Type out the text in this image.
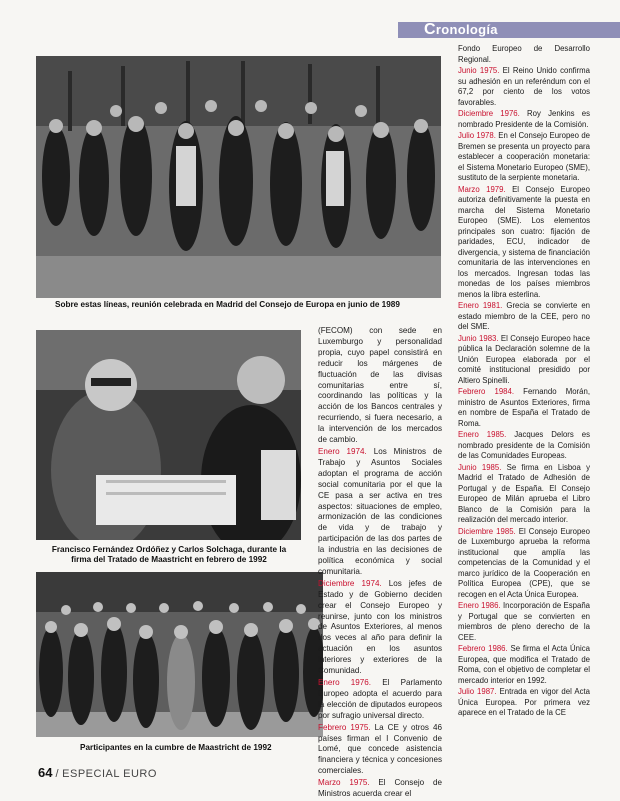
Cronología
Sobre estas líneas, reunión celebrada en Madrid del Consejo de Europa en junio de 1989
Francisco Fernández Ordóñez y Carlos Solchaga, durante la
firma del Tratado de Maastricht en febrero de 1992
Participantes en la cumbre de Maastricht de 1992

(FECOM) con sede en Luxemburgo y personalidad propia, cuyo papel consistirá en reducir los márgenes de fluctuación de las divisas comunitarias entre sí, coordinando las políticas y la acción de los Bancos centrales y recurriendo, si fuera necesario, a la intervención de los mercados de cambio.

Enero 1974. Los Ministros de Trabajo y Asuntos Sociales adoptan el programa de acción social comunitaria por el que la CE pasa a ser activa en tres aspectos: situaciones de empleo, armonización de las condiciones de vida y de trabajo y participación de las dos partes de la industria en las decisiones de política económica y social comunitaria.

Diciembre 1974. Los jefes de Estado y de Gobierno deciden crear el Consejo Europeo y reunirse, junto con los ministros de Asuntos Exteriores, al menos dos veces al año para definir la actuación en los asuntos interiores y exteriores de la Comunidad.

Enero 1976. El Parlamento Europeo adopta el acuerdo para la elección de diputados europeos por sufragio universal directo.

Febrero 1975. La CE y otros 46 países firman el I Convenio de Lomé, que concede asistencia financiera y técnica y concesiones comerciales.

Marzo 1975. El Consejo de Ministros acuerda crear el

Fondo Europeo de Desarrollo Regional.

Junio 1975. El Reino Unido confirma su adhesión en un referéndum con el 67,2 por ciento de los votos favorables.

Diciembre 1976. Roy Jenkins es nombrado Presidente de la Comisión.

Julio 1978. En el Consejo Europeo de Bremen se presenta un proyecto para establecer a cooperación monetaria: el Sistema Monetario Europeo (SME), sustituto de la serpiente monetaria.

Marzo 1979. El Consejo Europeo autoriza definitivamente la puesta en marcha del Sistema Monetario Europeo (SME). Los elementos principales son cuatro: fijación de paridades, ECU, indicador de divergencia, y sistema de financiación comunitaria de las intervenciones en los mercados. Ingresan todas las monedas de los países miembros menos la libra esterlina.

Enero 1981. Grecia se convierte en estado miembro de la CEE, pero no del SME.

Junio 1983. El Consejo Europeo hace pública la Declaración solemne de la Unión Europea elaborada por el comité institucional presidido por Altiero Spinelli.

Febrero 1984. Fernando Morán, ministro de Asuntos Exteriores, firma en nombre de España el Tratado de Roma.

Enero 1985. Jacques Delors es nombrado presidente de la Comisión de las Comunidades Europeas.

Junio 1985. Se firma en Lisboa y Madrid el Tratado de Adhesión de Portugal y de España. El Consejo Europeo de Milán aprueba el Libro Blanco de la Comisión para la realización del mercado interior.

Diciembre 1985. El Consejo Europeo de Luxemburgo aprueba la reforma institucional que amplía las competencias de la Comunidad y el marco jurídico de la Cooperación en Política Europea (CPE), que se recogen en el Acta Única Europea.

Enero 1986. Incorporación de España y Portugal que se convierten en miembros de pleno derecho de la CEE.

Febrero 1986. Se firma el Acta Única Europea, que modifica el Tratado de Roma, con el objetivo de completar el mercado interior en 1992.

Julio 1987. Entrada en vigor del Acta Única Europea. Por primera vez aparece en el Tratado de la CE

64 / ESPECIAL EURO
